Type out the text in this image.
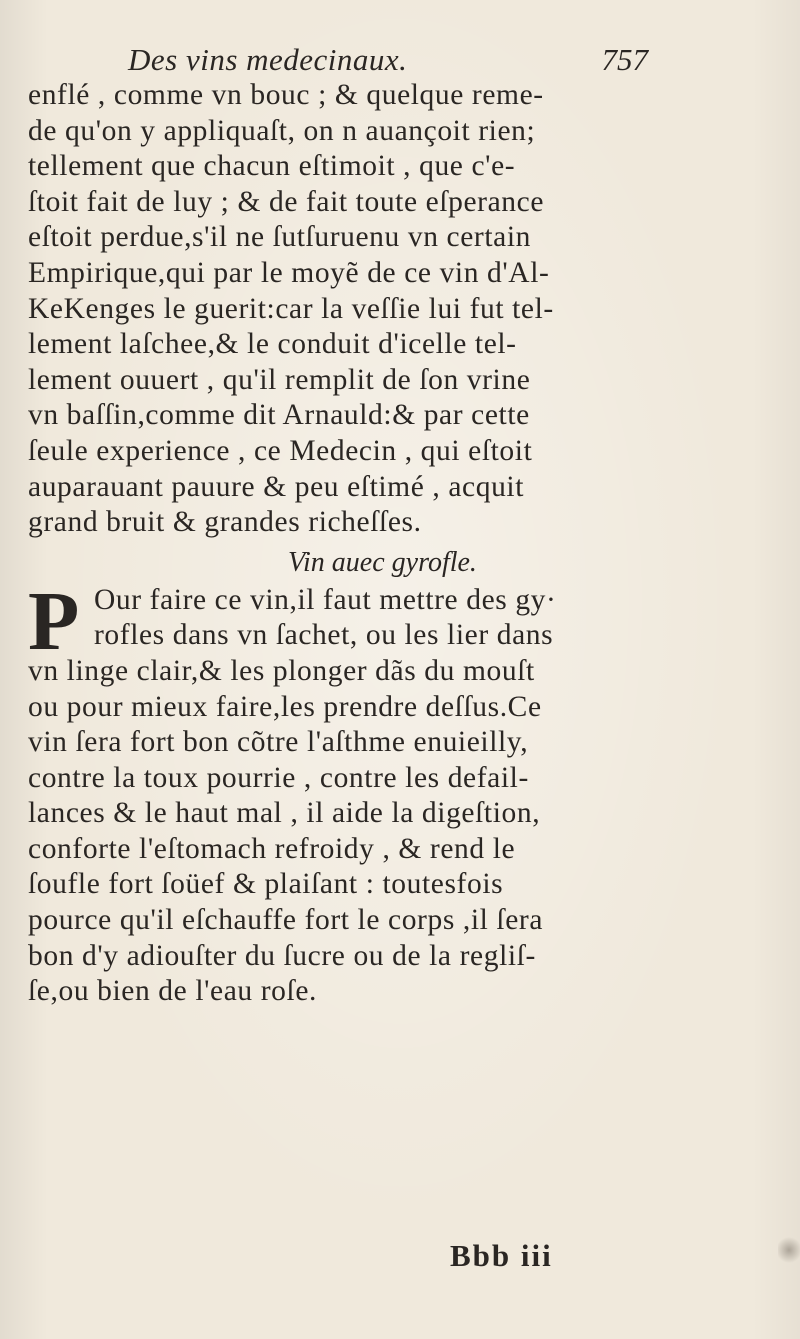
Des vins medecinaux.	757
enflé , comme vn bouc ; & quelque reme-
de qu'on y appliquaſt, on n auançoit rien;
tellement que chacun eſtimoit , que c'e-
ſtoit fait de luy ; & de fait toute eſperance
eſtoit perdue,s'il ne ſutſuruenu vn certain
Empirique,qui par le moyẽ de ce vin d'Al-
KeKenges le guerit:car la veſſie lui fut tel-
lement laſchee,& le conduit d'icelle tel-
lement ouuert , qu'il remplit de ſon vrine
vn baſſin,comme dit Arnauld:& par cette
ſeule experience , ce Medecin , qui eſtoit
auparauant pauure & peu eſtimé , acquit
grand bruit & grandes richeſſes.
Vin auec gyrofle.
P Our faire ce vin,il faut mettre des gy·
rofles dans vn ſachet, ou les lier dans
vn linge clair,& les plonger dãs du mouſt
ou pour mieux faire,les prendre deſſus.Ce
vin ſera fort bon cõtre l'aſthme enuieilly,
contre la toux pourrie , contre les defail-
lances & le haut mal , il aide la digeſtion,
conforte l'eſtomach refroidy , & rend le
ſoufle fort ſoüef & plaiſant : toutesfois
pource qu'il eſchauffe fort le corps ,il ſera
bon d'y adiouſter du ſucre ou de la regliſ-
ſe,ou bien de l'eau roſe.
Bbb iii
